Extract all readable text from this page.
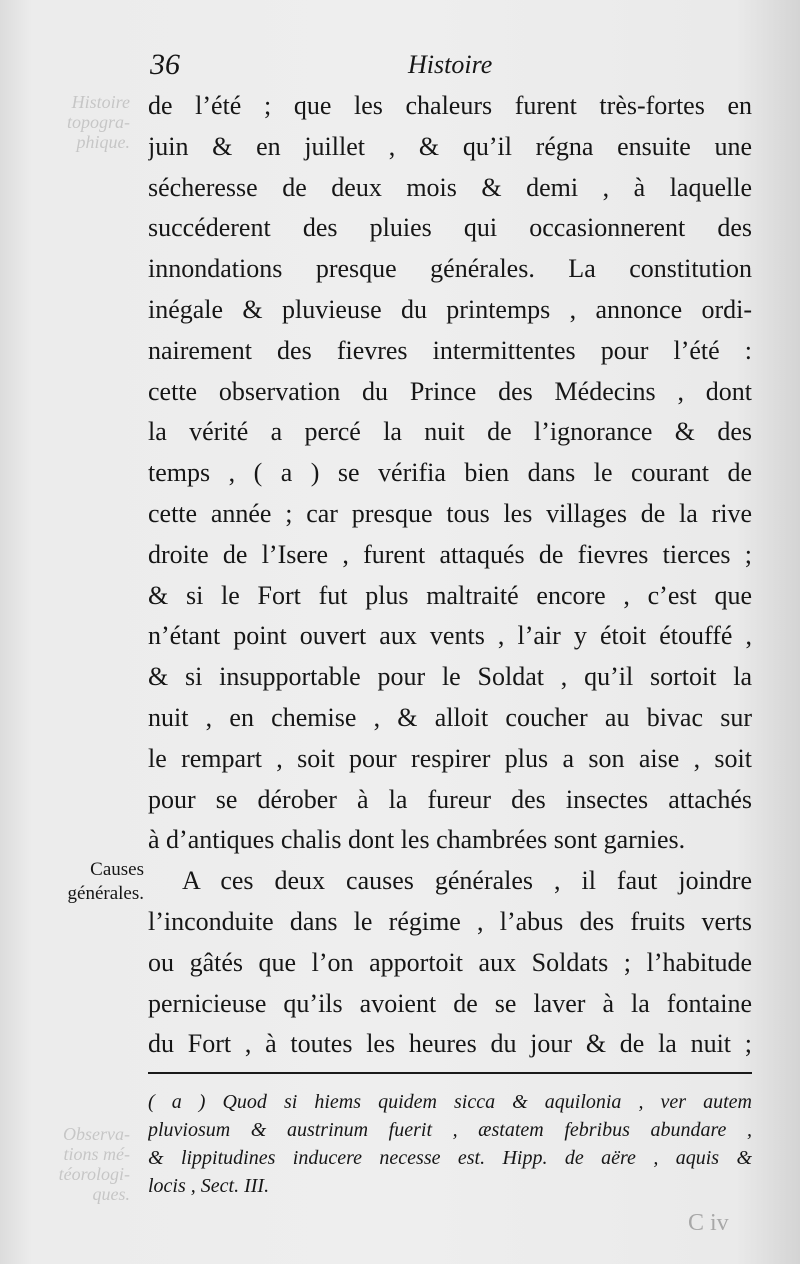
Histoire
topogra-
phique.
Observa-
tions mé-
téorologi-
ques.
36	Histoire
Causes
générales.
de l’été ; que les chaleurs furent très-fortes en
juin & en juillet , & qu’il régna ensuite une
sécheresse de deux mois & demi , à laquelle
succéderent des pluies qui occasionnerent des
innondations presque générales. La constitution
inégale & pluvieuse du printemps , annonce ordi-
nairement des fievres intermittentes pour l’été :
cette observation du Prince des Médecins , dont
la vérité a percé la nuit de l’ignorance & des
temps , ( a ) se vérifia bien dans le courant de
cette année ; car presque tous les villages de la rive
droite de l’Isere , furent attaqués de fievres tierces ;
& si le Fort fut plus maltraité encore , c’est que
n’étant point ouvert aux vents , l’air y étoit étouffé ,
& si insupportable pour le Soldat , qu’il sortoit la
nuit , en chemise , & alloit coucher au bivac sur
le rempart , soit pour respirer plus a son aise , soit
pour se dérober à la fureur des insectes attachés
à d’antiques chalis dont les chambrées sont garnies.
A ces deux causes générales , il faut joindre
l’inconduite dans le régime , l’abus des fruits verts
ou gâtés que l’on apportoit aux Soldats ; l’habitude
pernicieuse qu’ils avoient de se laver à la fontaine
du Fort , à toutes les heures du jour & de la nuit ;
( a ) Quod si hiems quidem sicca & aquilonia , ver autem
pluviosum & austrinum fuerit , æstatem febribus abundare ,
& lippitudines inducere necesse est. Hipp. de aëre , aquis &
locis , Sect. III.
C iv
